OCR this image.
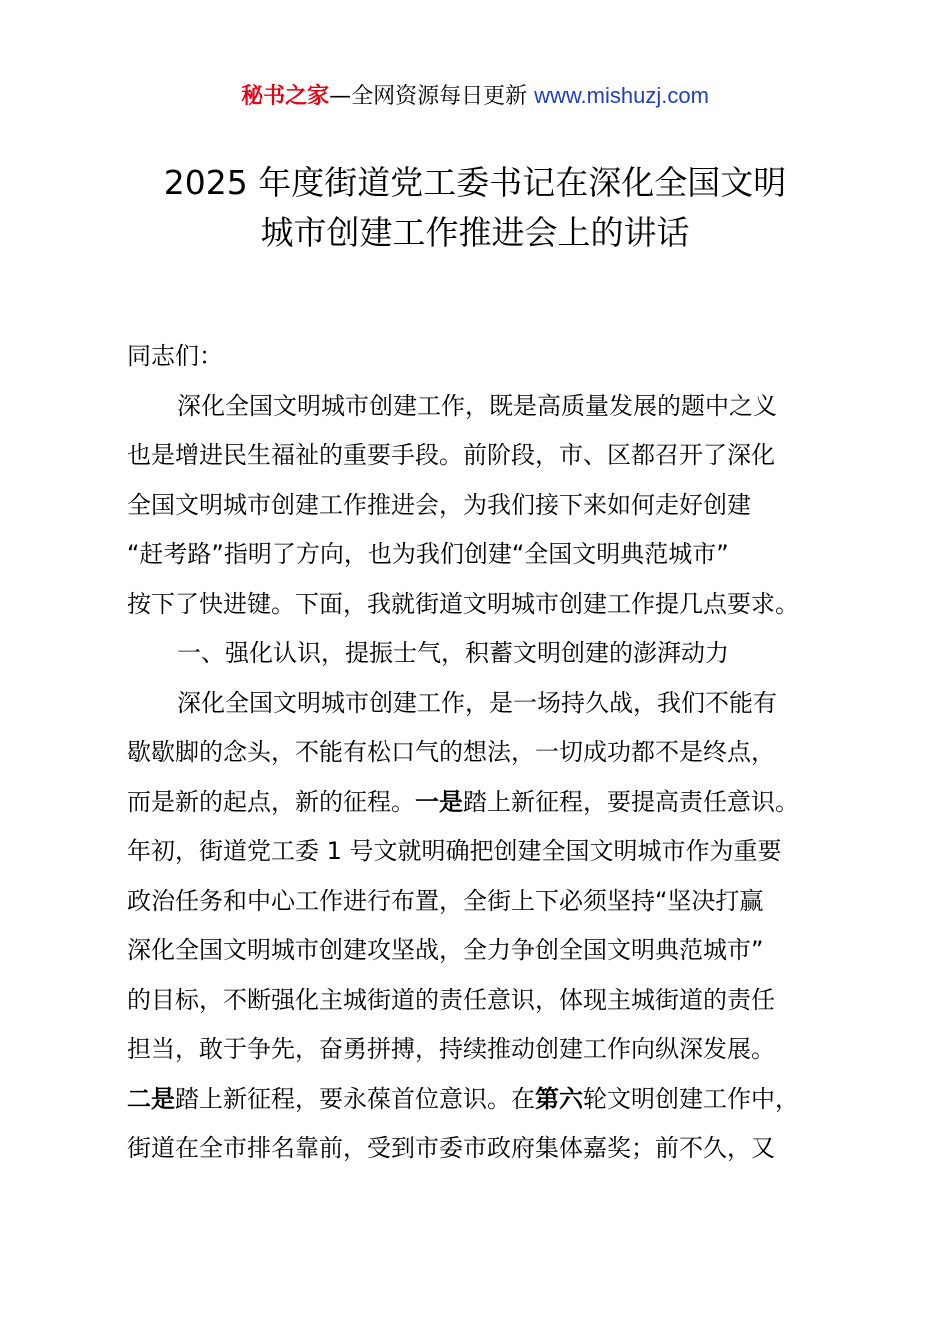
秘书之家—全网资源每日更新 www.mishuzj.com
2025 年度街道党工委书记在深化全国文明
城市创建工作推进会上的讲话
同志们：
深化全国文明城市创建工作，既是高质量发展的题中之义
也是增进民生福祉的重要手段。前阶段，市、区都召开了深化
全国文明城市创建工作推进会，为我们接下来如何走好创建
“赶考路”指明了方向，也为我们创建“全国文明典范城市”
按下了快进键。下面，我就街道文明城市创建工作提几点要求。
一、强化认识，提振士气，积蓄文明创建的澎湃动力
深化全国文明城市创建工作，是一场持久战，我们不能有
歇歇脚的念头，不能有松口气的想法，一切成功都不是终点，
而是新的起点，新的征程。一是踏上新征程，要提高责任意识。
年初，街道党工委 1 号文就明确把创建全国文明城市作为重要
政治任务和中心工作进行布置，全街上下必须坚持“坚决打赢
深化全国文明城市创建攻坚战，全力争创全国文明典范城市”
的目标，不断强化主城街道的责任意识，体现主城街道的责任
担当，敢于争先，奋勇拼搏，持续推动创建工作向纵深发展。
二是踏上新征程，要永葆首位意识。在第六轮文明创建工作中，
街道在全市排名靠前，受到市委市政府集体嘉奖；前不久，又
